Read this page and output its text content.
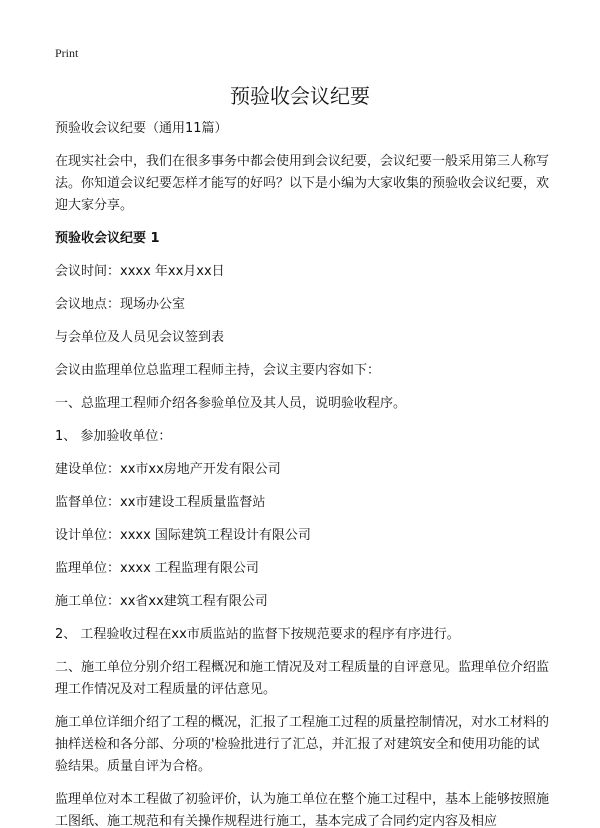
Print
预验收会议纪要

预验收会议纪要（通用11篇）

在现实社会中，我们在很多事务中都会使用到会议纪要，会议纪要一般采用第三人称写法。你知道会议纪要怎样才能写的好吗？以下是小编为大家收集的预验收会议纪要，欢迎大家分享。

预验收会议纪要 1

会议时间：xxxx 年xx月xx日

会议地点：现场办公室

与会单位及人员见会议签到表

会议由监理单位总监理工程师主持，会议主要内容如下：

一、总监理工程师介绍各参验单位及其人员，说明验收程序。

1、 参加验收单位：

建设单位：xx市xx房地产开发有限公司

监督单位：xx市建设工程质量监督站

设计单位：xxxx 国际建筑工程设计有限公司

监理单位：xxxx 工程监理有限公司

施工单位：xx省xx建筑工程有限公司

2、 工程验收过程在xx市质监站的监督下按规范要求的程序有序进行。

二、施工单位分别介绍工程概况和施工情况及对工程质量的自评意见。监理单位介绍监理工作情况及对工程质量的评估意见。

施工单位详细介绍了工程的概况，汇报了工程施工过程的质量控制情况，对水工材料的抽样送检和各分部、分项的'检验批进行了汇总，并汇报了对建筑安全和使用功能的试验结果。质量自评为合格。

监理单位对本工程做了初验评价，认为施工单位在整个施工过程中，基本上能够按照施工图纸、施工规范和有关操作规程进行施工，基本完成了合同约定内容及相应
